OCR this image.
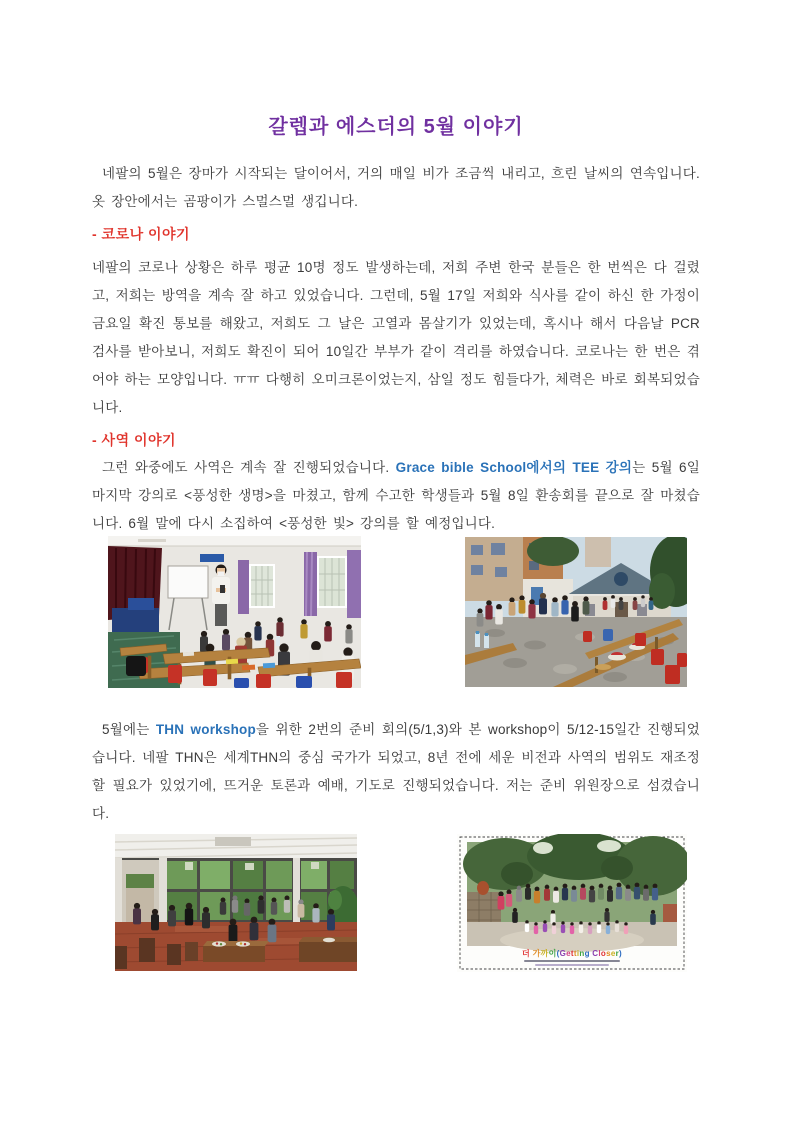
갈렙과 에스더의 5월 이야기

네팔의 5월은 장마가 시작되는 달이어서, 거의 매일 비가 조금씩 내리고, 흐린 날씨의 연속입니다. 옷 장안에서는 곰팡이가 스멀스멀 생깁니다.

- 코로나 이야기

네팔의 코로나 상황은 하루 평균 10명 정도 발생하는데, 저희 주변 한국 분들은 한 번씩은 다 걸렸고, 저희는 방역을 계속 잘 하고 있었습니다. 그런데, 5월 17일 저희와 식사를 같이 하신 한 가정이 금요일 확진 통보를 해왔고, 저희도 그 날은 고열과 몸살기가 있었는데, 혹시나 해서 다음날 PCR 검사를 받아보니, 저희도 확진이 되어 10일간 부부가 같이 격리를 하였습니다. 코로나는 한 번은 겪어야 하는 모양입니다. ㅠㅠ 다행히 오미크론이었는지, 삼일 정도 힘들다가, 체력은 바로 회복되었습니다.

- 사역 이야기

그런 와중에도 사역은 계속 잘 진행되었습니다. Grace bible School에서의 TEE 강의는 5월 6일 마지막 강의로 <풍성한 생명>을 마쳤고, 함께 수고한 학생들과 5월 8일 환송회를 끝으로 잘 마쳤습니다. 6월 말에 다시 소집하여 <풍성한 빛> 강의를 할 예정입니다.

5월에는 THN workshop을 위한 2번의 준비 회의(5/1,3)와 본 workshop이 5/12-15일간 진행되었습니다. 네팔 THN은 세계THN의 중심 국가가 되었고, 8년 전에 세운 비전과 사역의 범위도 재조정할 필요가 있었기에, 뜨거운 토론과 예배, 기도로 진행되었습니다. 저는 준비 위원장으로 섬겼습니다.

더 가까이(Getting Closer)
